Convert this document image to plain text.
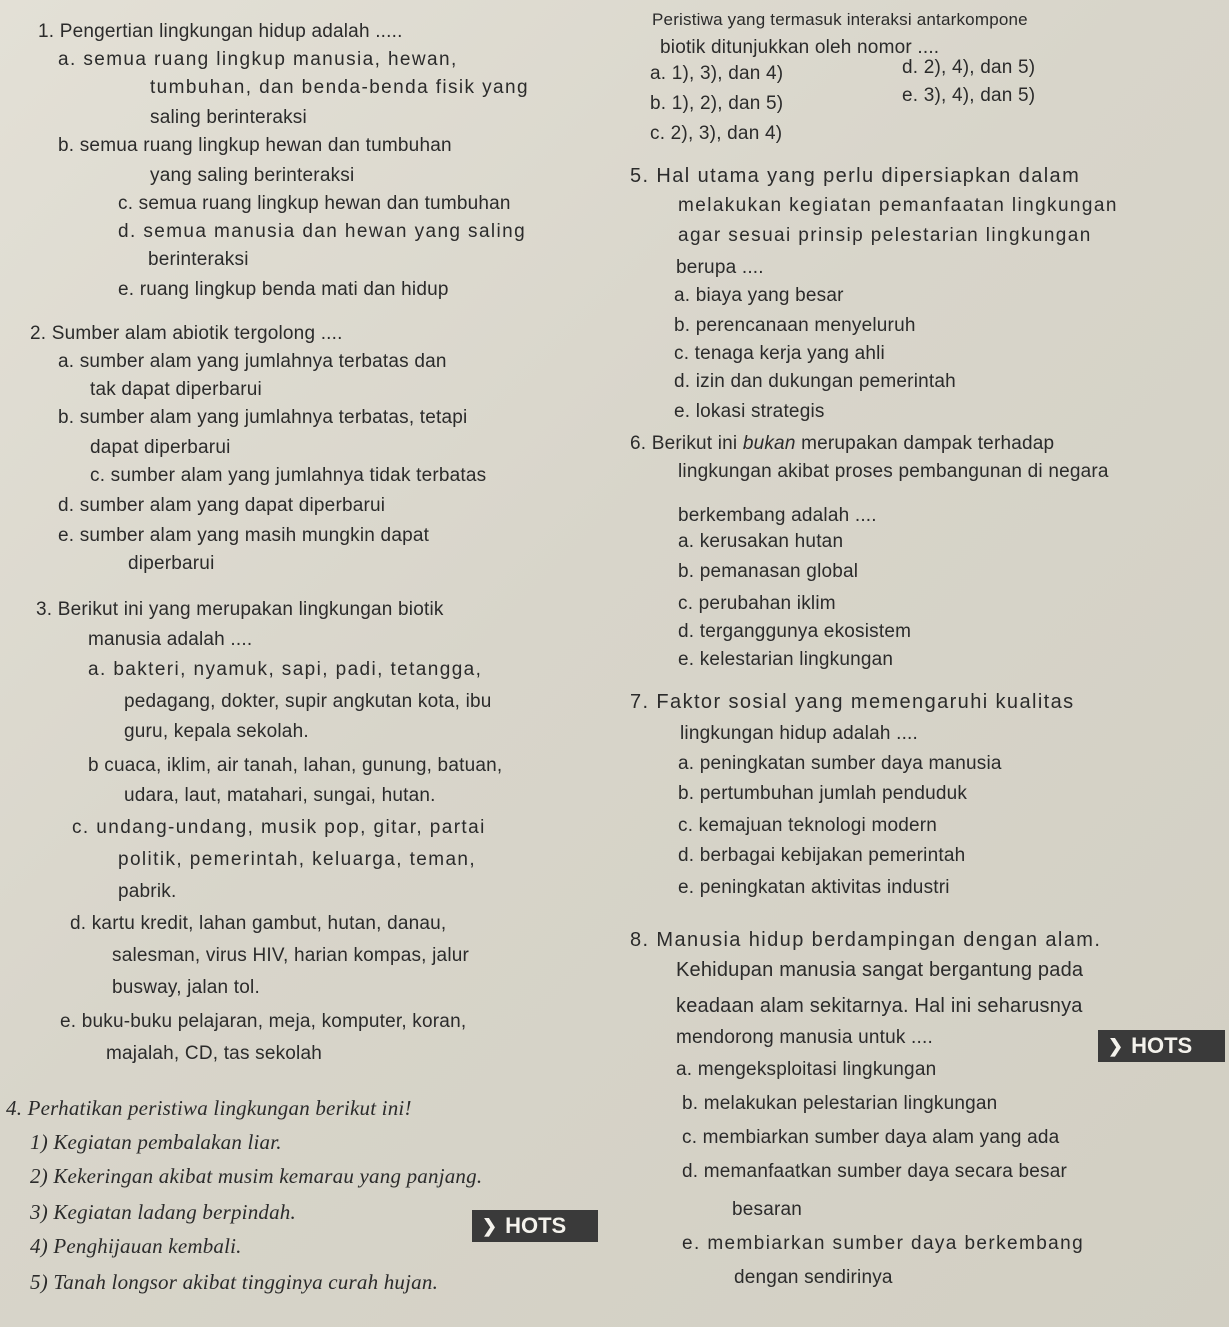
1. Pengertian lingkungan hidup adalah .....
a. semua ruang lingkup manusia, hewan,
tumbuhan, dan benda-benda fisik yang
saling berinteraksi
b. semua ruang lingkup hewan dan tumbuhan
yang saling berinteraksi
c. semua ruang lingkup hewan dan tumbuhan
d. semua manusia dan hewan yang saling
berinteraksi
e. ruang lingkup benda mati dan hidup
2. Sumber alam abiotik tergolong ....
a. sumber alam yang jumlahnya terbatas dan
tak dapat diperbarui
b. sumber alam yang jumlahnya terbatas, tetapi
dapat diperbarui
c. sumber alam yang jumlahnya tidak terbatas
d. sumber alam yang dapat diperbarui
e. sumber alam yang masih mungkin dapat
diperbarui
3. Berikut ini yang merupakan lingkungan biotik
manusia adalah ....
a. bakteri, nyamuk, sapi, padi, tetangga,
pedagang, dokter, supir angkutan kota, ibu
guru, kepala sekolah.
b cuaca, iklim, air tanah, lahan, gunung, batuan,
udara, laut, matahari, sungai, hutan.
c. undang-undang, musik pop, gitar, partai
politik, pemerintah, keluarga, teman,
pabrik.
d. kartu kredit, lahan gambut, hutan, danau,
salesman, virus HIV, harian kompas, jalur
busway, jalan tol.
e. buku-buku pelajaran, meja, komputer, koran,
majalah, CD, tas sekolah
4. Perhatikan peristiwa lingkungan berikut ini!
1) Kegiatan pembalakan liar.
2) Kekeringan akibat musim kemarau yang panjang.
3) Kegiatan ladang berpindah.
4) Penghijauan kembali.
5) Tanah longsor akibat tingginya curah hujan.
❯ HOTS
Peristiwa yang termasuk interaksi antarkompone
biotik ditunjukkan oleh nomor ....
a. 1), 3), dan 4)	d. 2), 4), dan 5)
b. 1), 2), dan 5)	e. 3), 4), dan 5)
c. 2), 3), dan 4)
5. Hal utama yang perlu dipersiapkan dalam
melakukan kegiatan pemanfaatan lingkungan
agar sesuai prinsip pelestarian lingkungan
berupa ....
a. biaya yang besar
b. perencanaan menyeluruh
c. tenaga kerja yang ahli
d. izin dan dukungan pemerintah
e. lokasi strategis
6. Berikut ini bukan merupakan dampak terhadap
lingkungan akibat proses pembangunan di negara
berkembang adalah ....
a. kerusakan hutan
b. pemanasan global
c. perubahan iklim
d. terganggunya ekosistem
e. kelestarian lingkungan
7. Faktor sosial yang memengaruhi kualitas
lingkungan hidup adalah ....
a. peningkatan sumber daya manusia
b. pertumbuhan jumlah penduduk
c. kemajuan teknologi modern
d. berbagai kebijakan pemerintah
e. peningkatan aktivitas industri
8. Manusia hidup berdampingan dengan alam.
Kehidupan manusia sangat bergantung pada
keadaan alam sekitarnya. Hal ini seharusnya
mendorong manusia untuk ....
a. mengeksploitasi lingkungan
b. melakukan pelestarian lingkungan
c. membiarkan sumber daya alam yang ada
d. memanfaatkan sumber daya secara besar
besaran
e. membiarkan sumber daya berkembang
dengan sendirinya
❯ HOTS
